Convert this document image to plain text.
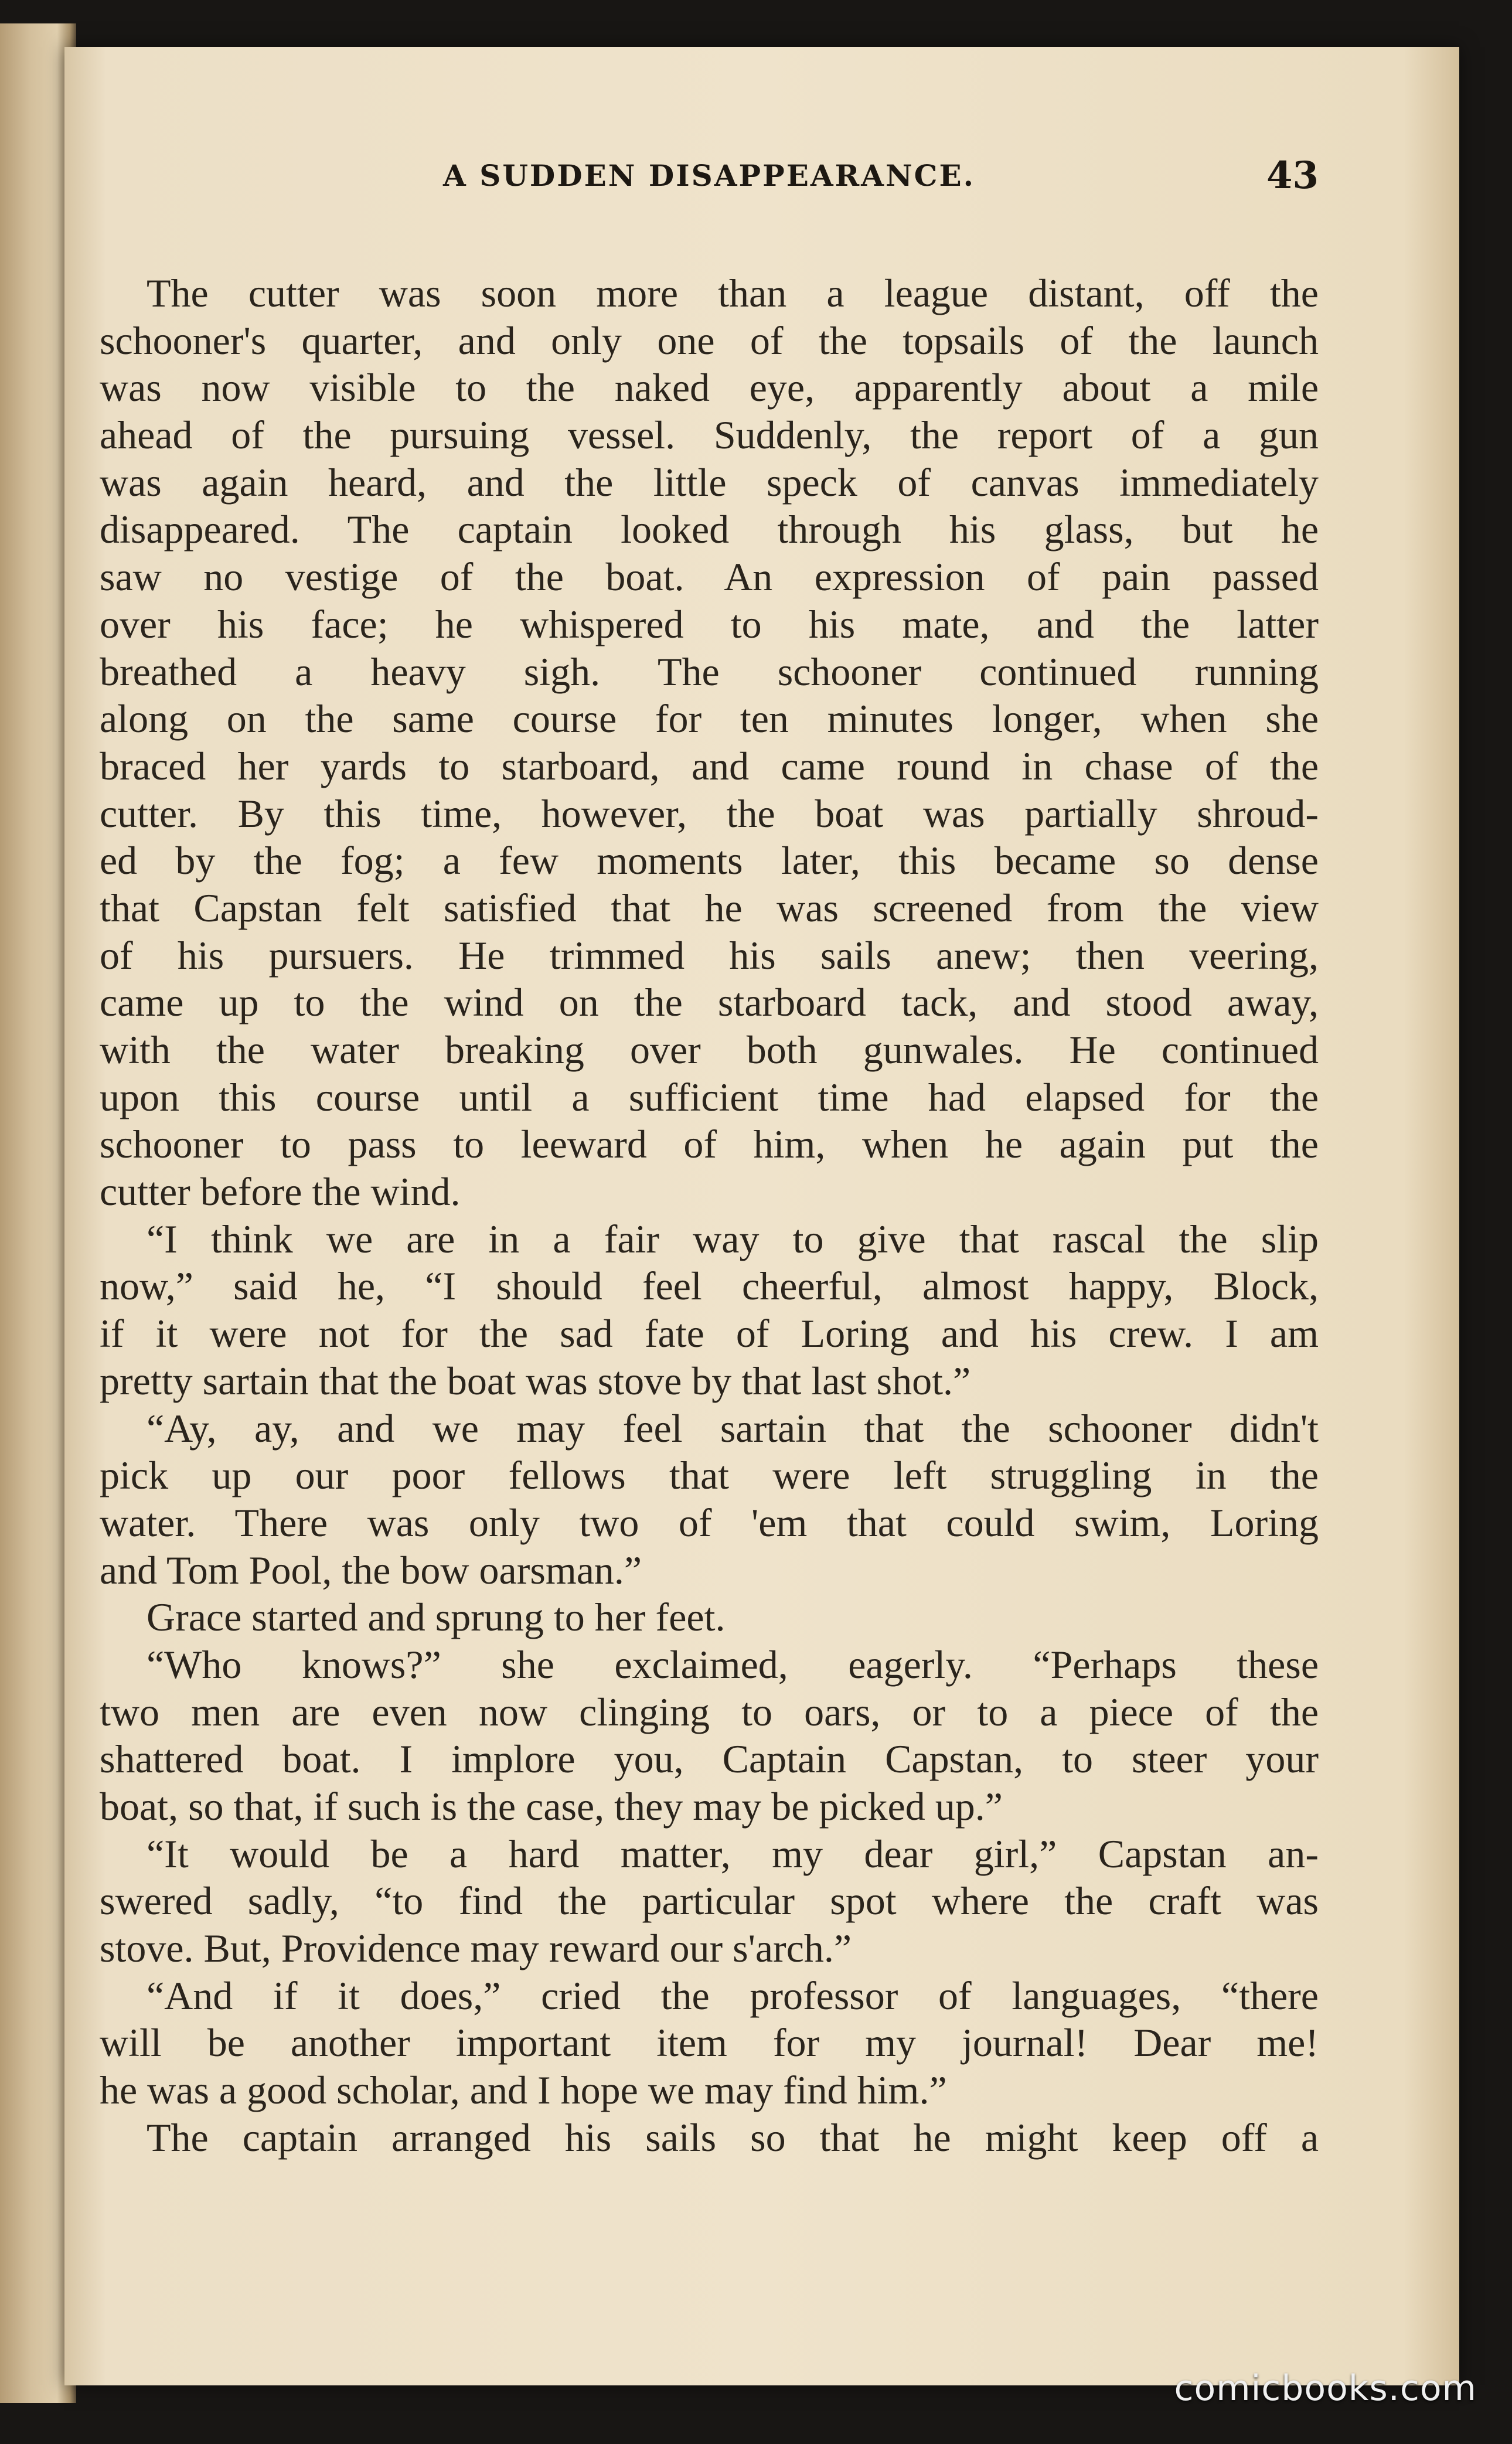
A SUDDEN DISAPPEARANCE.	43
The cutter was soon more than a league distant, off the
schooner's quarter, and only one of the topsails of the launch
was now visible to the naked eye, apparently about a mile
ahead of the pursuing vessel. Suddenly, the report of a gun
was again heard, and the little speck of canvas immediately
disappeared. The captain looked through his glass, but he
saw no vestige of the boat. An expression of pain passed
over his face; he whispered to his mate, and the latter
breathed a heavy sigh. The schooner continued running
along on the same course for ten minutes longer, when she
braced her yards to starboard, and came round in chase of the
cutter. By this time, however, the boat was partially shroud-
ed by the fog; a few moments later, this became so dense
that Capstan felt satisfied that he was screened from the view
of his pursuers. He trimmed his sails anew; then veering,
came up to the wind on the starboard tack, and stood away,
with the water breaking over both gunwales. He continued
upon this course until a sufficient time had elapsed for the
schooner to pass to leeward of him, when he again put the
cutter before the wind.
“I think we are in a fair way to give that rascal the slip
now,” said he, “I should feel cheerful, almost happy, Block,
if it were not for the sad fate of Loring and his crew. I am
pretty sartain that the boat was stove by that last shot.”
“Ay, ay, and we may feel sartain that the schooner didn't
pick up our poor fellows that were left struggling in the
water. There was only two of 'em that could swim, Loring
and Tom Pool, the bow oarsman.”
Grace started and sprung to her feet.
“Who knows?” she exclaimed, eagerly. “Perhaps these
two men are even now clinging to oars, or to a piece of the
shattered boat. I implore you, Captain Capstan, to steer your
boat, so that, if such is the case, they may be picked up.”
“It would be a hard matter, my dear girl,” Capstan an-
swered sadly, “to find the particular spot where the craft was
stove. But, Providence may reward our s'arch.”
“And if it does,” cried the professor of languages, “there
will be another important item for my journal! Dear me!
he was a good scholar, and I hope we may find him.”
The captain arranged his sails so that he might keep off a
comicbooks.com
